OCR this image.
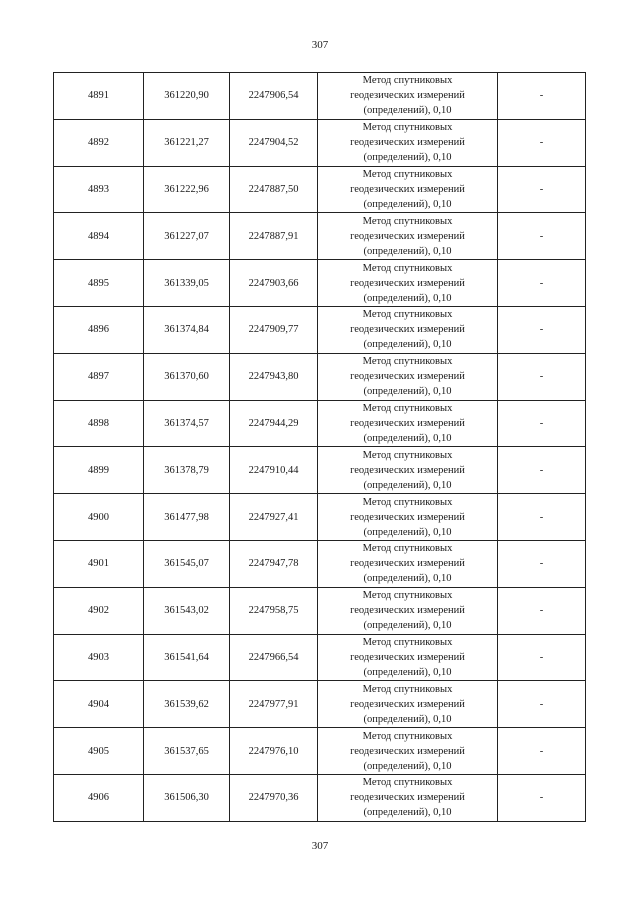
307
4891	361220,90	2247906,54	Метод спутниковых
геодезических измерений
(определений), 0,10	-
4892	361221,27	2247904,52	Метод спутниковых
геодезических измерений
(определений), 0,10	-
4893	361222,96	2247887,50	Метод спутниковых
геодезических измерений
(определений), 0,10	-
4894	361227,07	2247887,91	Метод спутниковых
геодезических измерений
(определений), 0,10	-
4895	361339,05	2247903,66	Метод спутниковых
геодезических измерений
(определений), 0,10	-
4896	361374,84	2247909,77	Метод спутниковых
геодезических измерений
(определений), 0,10	-
4897	361370,60	2247943,80	Метод спутниковых
геодезических измерений
(определений), 0,10	-
4898	361374,57	2247944,29	Метод спутниковых
геодезических измерений
(определений), 0,10	-
4899	361378,79	2247910,44	Метод спутниковых
геодезических измерений
(определений), 0,10	-
4900	361477,98	2247927,41	Метод спутниковых
геодезических измерений
(определений), 0,10	-
4901	361545,07	2247947,78	Метод спутниковых
геодезических измерений
(определений), 0,10	-
4902	361543,02	2247958,75	Метод спутниковых
геодезических измерений
(определений), 0,10	-
4903	361541,64	2247966,54	Метод спутниковых
геодезических измерений
(определений), 0,10	-
4904	361539,62	2247977,91	Метод спутниковых
геодезических измерений
(определений), 0,10	-
4905	361537,65	2247976,10	Метод спутниковых
геодезических измерений
(определений), 0,10	-
4906	361506,30	2247970,36	Метод спутниковых
геодезических измерений
(определений), 0,10	-
307
